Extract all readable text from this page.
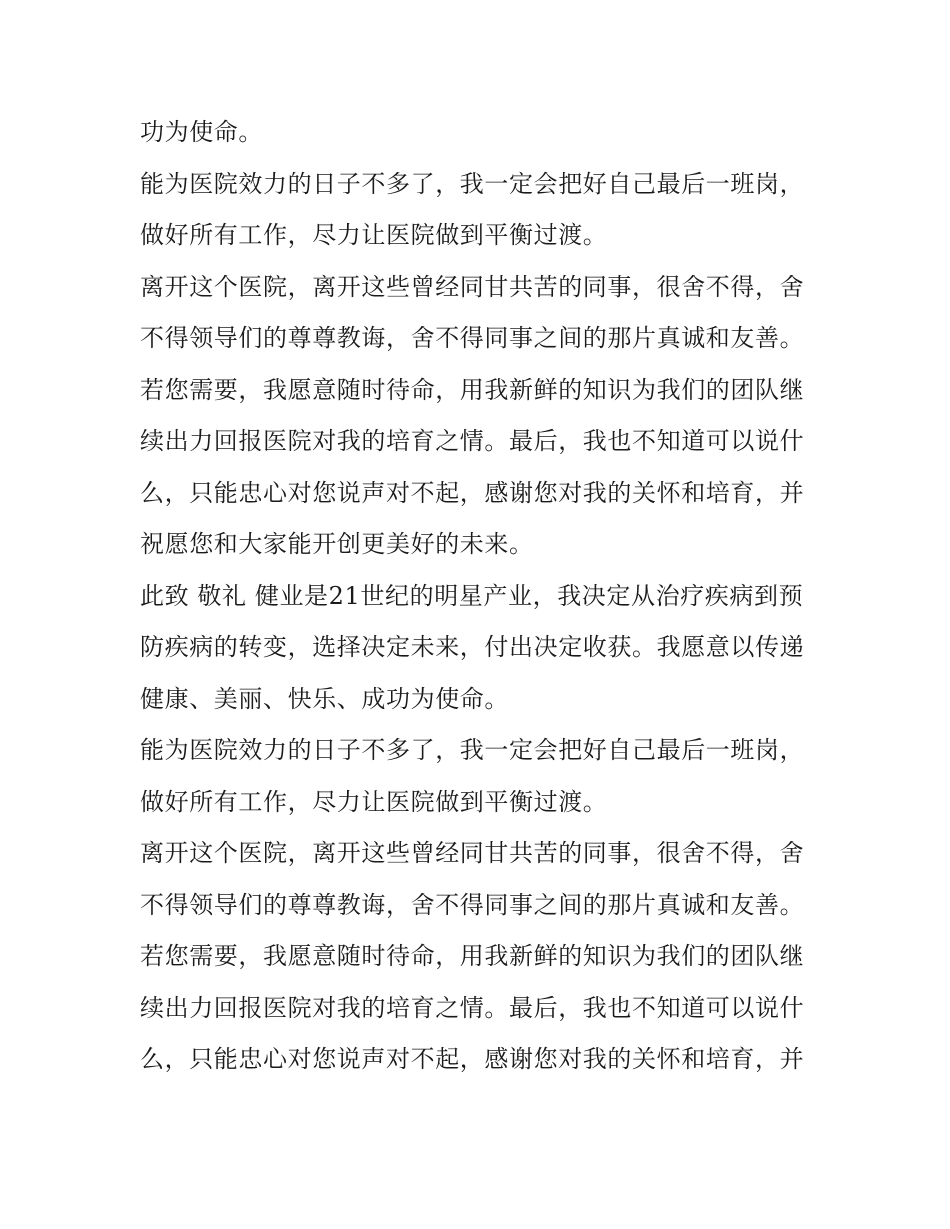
功为使命。

能为医院效力的日子不多了，我一定会把好自己最后一班岗，
做好所有工作，尽力让医院做到平衡过渡。

离开这个医院，离开这些曾经同甘共苦的同事，很舍不得，舍
不得领导们的尊尊教诲，舍不得同事之间的那片真诚和友善。

若您需要，我愿意随时待命，用我新鲜的知识为我们的团队继
续出力回报医院对我的培育之情。最后，我也不知道可以说什
么，只能忠心对您说声对不起，感谢您对我的关怀和培育，并
祝愿您和大家能开创更美好的未来。

此致 敬礼 健业是21世纪的明星产业，我决定从治疗疾病到预
防疾病的转变，选择决定未来，付出决定收获。我愿意以传递
健康、美丽、快乐、成功为使命。

能为医院效力的日子不多了，我一定会把好自己最后一班岗，
做好所有工作，尽力让医院做到平衡过渡。

离开这个医院，离开这些曾经同甘共苦的同事，很舍不得，舍
不得领导们的尊尊教诲，舍不得同事之间的那片真诚和友善。

若您需要，我愿意随时待命，用我新鲜的知识为我们的团队继
续出力回报医院对我的培育之情。最后，我也不知道可以说什
么，只能忠心对您说声对不起，感谢您对我的关怀和培育，并
